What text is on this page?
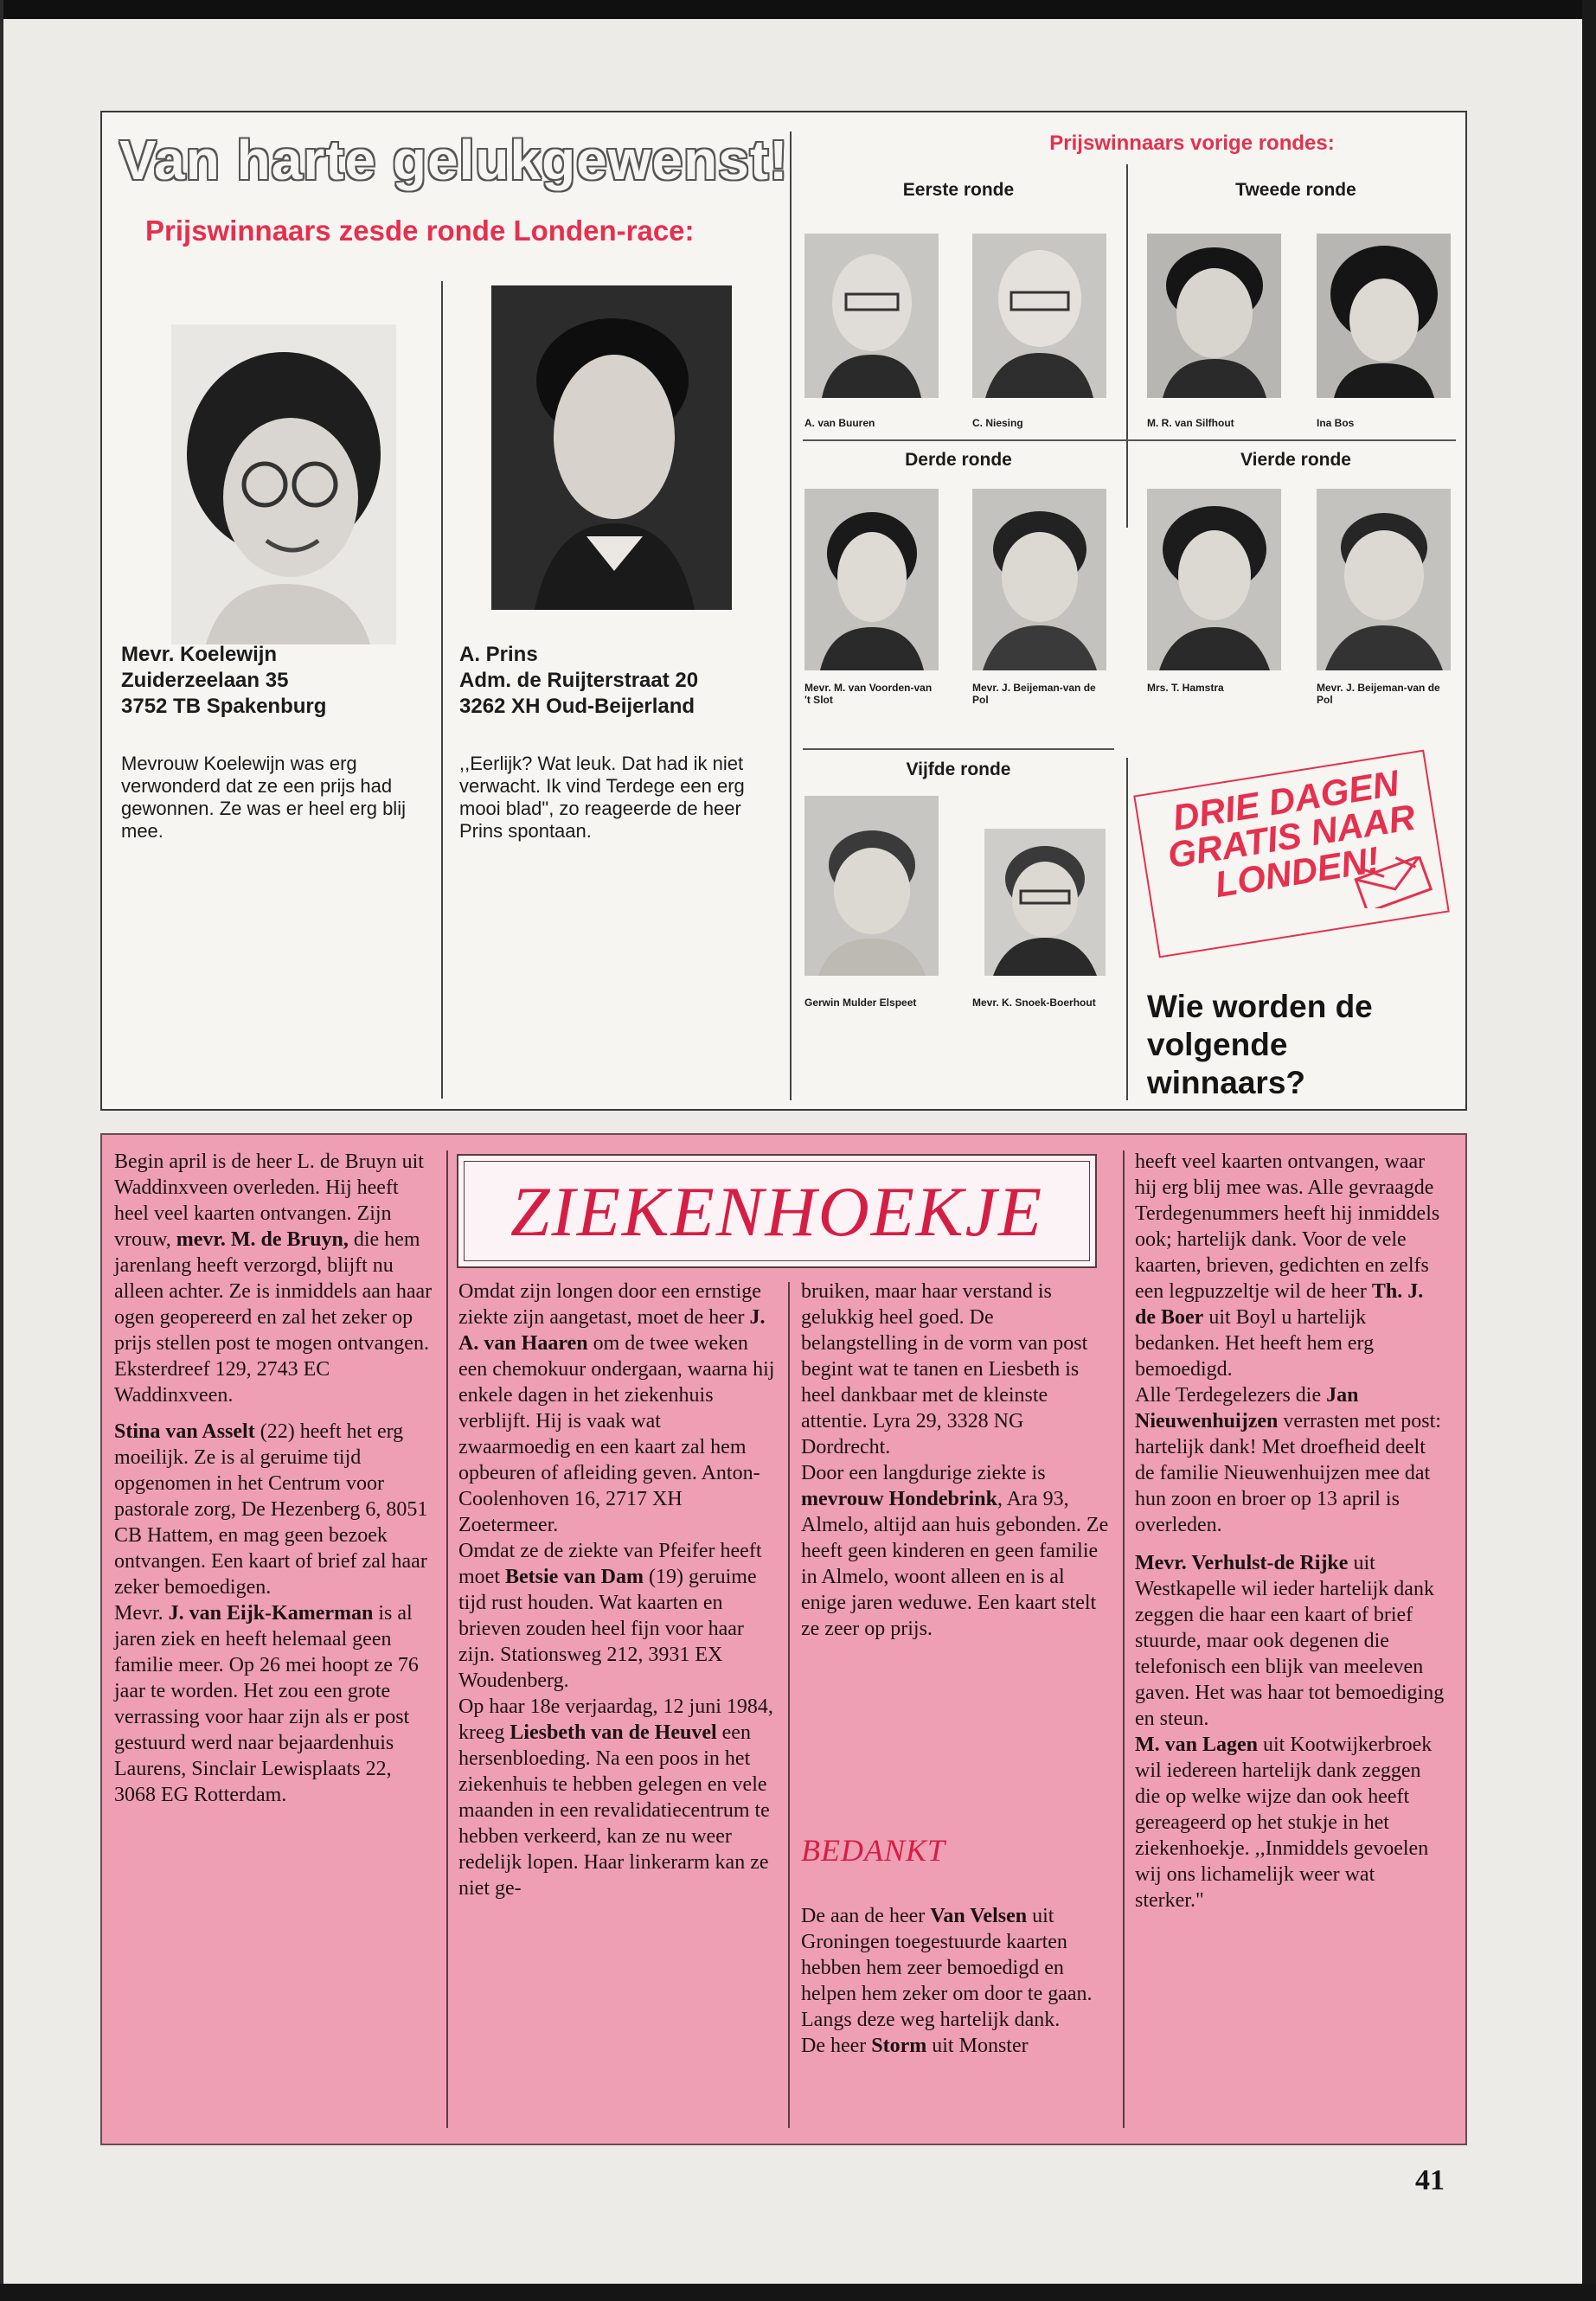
Van harte gelukgewenst!
Prijswinnaars zesde ronde Londen-race:
Mevr. Koelewijn
Zuiderzeelaan 35
3752 TB Spakenburg

Mevrouw Koelewijn was erg verwonderd dat ze een prijs had gewonnen. Ze was er heel erg blij mee.

A. Prins
Adm. de Ruijterstraat 20
3262 XH Oud-Beijerland

,,Eerlijk? Wat leuk. Dat had ik niet verwacht. Ik vind Terdege een erg mooi blad", zo reageerde de heer Prins spontaan.

Prijswinnaars vorige rondes:
Eerste ronde	Tweede ronde
A. van Buuren	C. Niesing	M. R. van Silfhout	Ina Bos
Derde ronde	Vierde ronde
Mevr. M. van Voorden-van 't Slot
Mevr. J. Beijeman-van de Pol
Mrs. T. Hamstra	Mevr. J. Beijeman-van de Pol
Vijfde ronde
Gerwin Mulder Elspeet	Mevr. K. Snoek-Boerhout
DRIE DAGEN GRATIS NAAR LONDEN!
Wie worden de volgende winnaars?
ZIEKENHOEKJE

Begin april is de heer L. de Bruyn uit Waddinxveen overleden. Hij heeft heel veel kaarten ontvangen. Zijn vrouw, mevr. M. de Bruyn, die hem jarenlang heeft verzorgd, blijft nu alleen achter. Ze is inmiddels aan haar ogen geopereerd en zal het zeker op prijs stellen post te mogen ontvangen. Eksterdreef 129, 2743 EC Waddinxveen.

Stina van Asselt (22) heeft het erg moeilijk. Ze is al geruime tijd opgenomen in het Centrum voor pastorale zorg, De Hezenberg 6, 8051 CB Hattem, en mag geen bezoek ontvangen. Een kaart of brief zal haar zeker bemoedigen.

Mevr. J. van Eijk-Kamerman is al jaren ziek en heeft helemaal geen familie meer. Op 26 mei hoopt ze 76 jaar te worden. Het zou een grote verrassing voor haar zijn als er post gestuurd werd naar bejaardenhuis Laurens, Sinclair Lewisplaats 22, 3068 EG Rotterdam.

Omdat zijn longen door een ernstige ziekte zijn aangetast, moet de heer J. A. van Haaren om de twee weken een chemokuur ondergaan, waarna hij enkele dagen in het ziekenhuis verblijft. Hij is vaak wat zwaarmoedig en een kaart zal hem opbeuren of afleiding geven. Anton-Coolenhoven 16, 2717 XH Zoetermeer.

Omdat ze de ziekte van Pfeifer heeft moet Betsie van Dam (19) geruime tijd rust houden. Wat kaarten en brieven zouden heel fijn voor haar zijn. Stationsweg 212, 3931 EX Woudenberg.

Op haar 18e verjaardag, 12 juni 1984, kreeg Liesbeth van de Heuvel een hersenbloeding. Na een poos in het ziekenhuis te hebben gelegen en vele maanden in een revalidatiecentrum te hebben verkeerd, kan ze nu weer redelijk lopen. Haar linkerarm kan ze niet ge-

bruiken, maar haar verstand is gelukkig heel goed. De belangstelling in de vorm van post begint wat te tanen en Liesbeth is heel dankbaar met de kleinste attentie. Lyra 29, 3328 NG Dordrecht.

Door een langdurige ziekte is mevrouw Hondebrink, Ara 93, Almelo, altijd aan huis gebonden. Ze heeft geen kinderen en geen familie in Almelo, woont alleen en is al enige jaren weduwe. Een kaart stelt ze zeer op prijs.

BEDANKT

De aan de heer Van Velsen uit Groningen toegestuurde kaarten hebben hem zeer bemoedigd en helpen hem zeker om door te gaan. Langs deze weg hartelijk dank.

De heer Storm uit Monster

heeft veel kaarten ontvangen, waar hij erg blij mee was. Alle gevraagde Terdegenummers heeft hij inmiddels ook; hartelijk dank. Voor de vele kaarten, brieven, gedichten en zelfs een legpuzzeltje wil de heer Th. J. de Boer uit Boyl u hartelijk bedanken. Het heeft hem erg bemoedigd.

Alle Terdegelezers die Jan Nieuwenhuijzen verrasten met post: hartelijk dank! Met droefheid deelt de familie Nieuwenhuijzen mee dat hun zoon en broer op 13 april is overleden.

Mevr. Verhulst-de Rijke uit Westkapelle wil ieder hartelijk dank zeggen die haar een kaart of brief stuurde, maar ook degenen die telefonisch een blijk van meeleven gaven. Het was haar tot bemoediging en steun.

M. van Lagen uit Kootwijkerbroek wil iedereen hartelijk dank zeggen die op welke wijze dan ook heeft gereageerd op het stukje in het ziekenhoekje. ,,Inmiddels gevoelen wij ons lichamelijk weer wat sterker."

41
